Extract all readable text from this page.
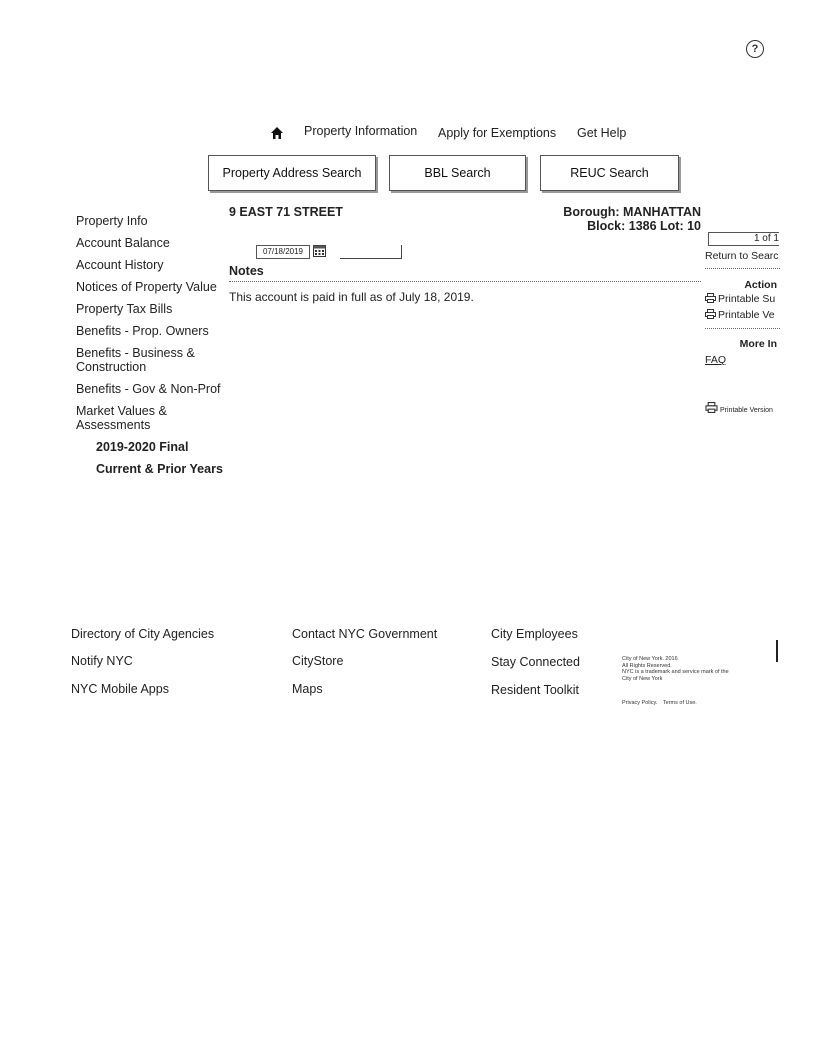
?
Property Information Apply for Exemptions Get Help
Property Address Search	BBL Search	REUC Search
Property Info
Account Balance
Account History
Notices of Property Value
Property Tax Bills
Benefits - Prop. Owners
Benefits - Business & Construction
Benefits - Gov & Non-Prof
Market Values & Assessments
2019-2020 Final
Current & Prior Years
9 EAST 71 STREET	Borough: MANHATTAN
Block: 1386 Lot: 10
07/18/2019
Notes
This account is paid in full as of July 18, 2019.
1 of 1
Return to Searc
Action
Printable Su
Printable Ve
More In
FAQ
Printable Version
Directory of City Agencies
Notify NYC
NYC Mobile Apps
Contact NYC Government
CityStore
Maps
City Employees
Stay Connected
Resident Toolkit
City of New York. 2016
All Rights Reserved.
NYC is a trademark and service mark of the
City of New York
Privacy Policy. Terms of Use.
